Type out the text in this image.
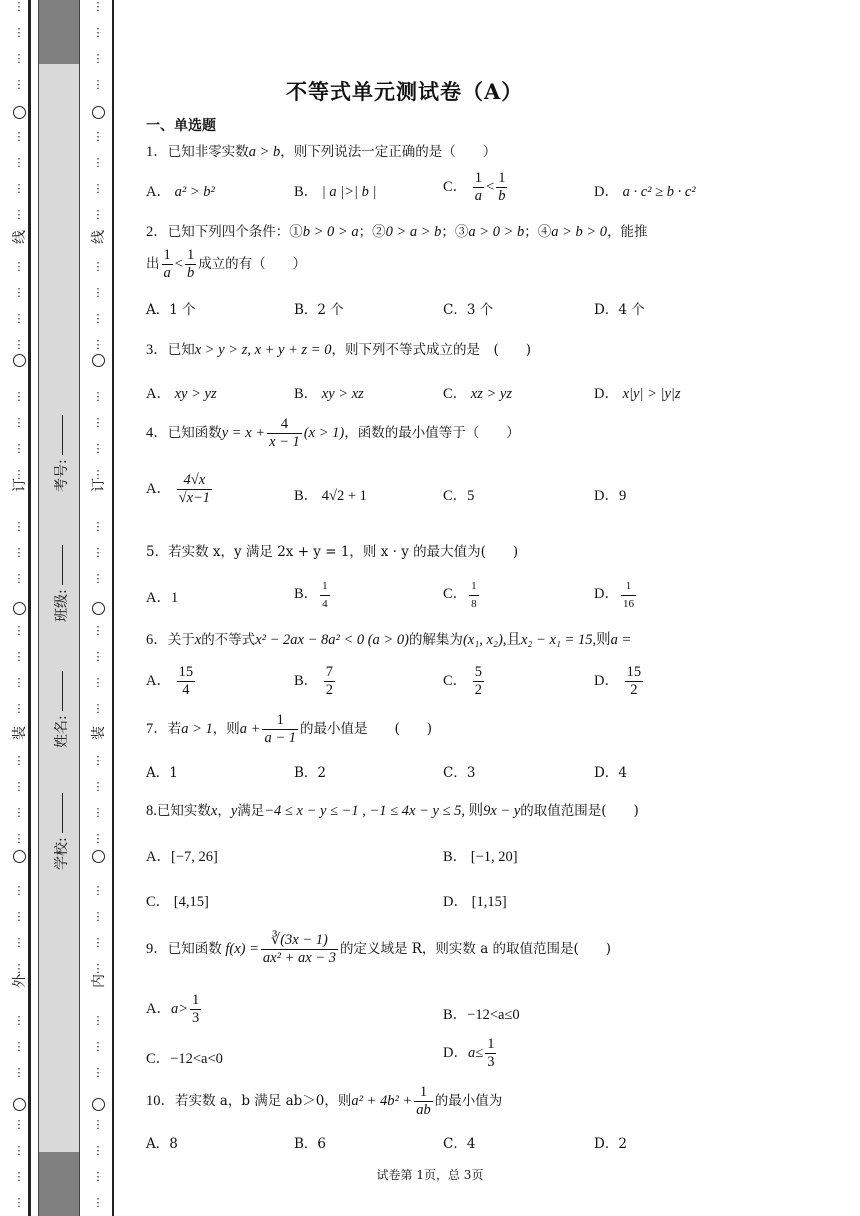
⋮
⋮
⋮
⋮
⋮
⋮
⋮
⋮
⋮
⋮
⋮
⋮
⋮
⋮
⋮
⋮
⋮
⋮
⋮
⋮
⋮
⋮
⋮
⋮
⋮
⋮
⋮
⋮
⋮
⋮
⋮
⋮
⋮
⋮
⋮
⋮
⋮
⋮
线
订
装
外
学校:
姓名:
班级:
考号:
⋮
⋮
⋮
⋮
⋮
⋮
⋮
⋮
⋮
⋮
⋮
⋮
⋮
⋮
⋮
⋮
⋮
⋮
⋮
⋮
⋮
⋮
⋮
⋮
⋮
⋮
⋮
⋮
⋮
⋮
⋮
⋮
⋮
⋮
⋮
⋮
⋮
⋮
线
订
装
内
不等式单元测试卷（A）
一、单选题
1．已知非零实数a > b，则下列说法一定正确的是（　　）
A． a² > b²	B． | a |>| b |	C． $\frac{1}{a} < \frac{1}{b}$	D． a · c² ≥ b · c²
2．已知下列四个条件：①b > 0 > a；②0 > a > b；③a > 0 > b；④a > b > 0，能推
出 $\frac{1}{a} < \frac{1}{b}$ 成立的有（　　）
A．1 个	B．2 个	C．3 个	D．4 个
3．已知x > y > z, x + y + z = 0，则下列不等式成立的是　(　　)
A． xy > yz	B． xy > xz	C． xz > yz	D． x|y| > |y|z
4．已知函数$y = x + \frac{4}{x - 1} (x > 1)$，函数的最小值等于（　　）
A． $\frac{4√x}{√x-1}$	B． 4√2 + 1	C．5	D．9
5．若实数 x，y 满足 2x + y = 1，则 x · y 的最大值为(　　)
A．1	B． $\frac{1}{4}$	C． $\frac{1}{8}$	D． $\frac{1}{16}$
6．关于x的不等式x² − 2ax − 8a² < 0 (a > 0)的解集为(x₁, x₂),且x₂ − x₁ = 15,则a =
A． $\frac{15}{4}$	B． $\frac{7}{2}$	C． $\frac{5}{2}$	D． $\frac{15}{2}$
7．若a > 1，则$a + \frac{1}{a - 1}$ 的最小值是　　(　　)
A．1	B．2	C．3	D．4
8.已知实数x，y满足−4 ≤ x − y ≤ −1 , −1 ≤ 4x − y ≤ 5, 则9x − y的取值范围是(　　)
A．[−7, 26]	B． [−1, 20]
C． [4,15]	D． [1,15]
9．已知函数 $f(x) = \frac{∛(3x - 1)}{\text{ax² + ax − 3}}$ 的定义域是 R，则实数 a 的取值范围是(　　)
A．$a> \frac{1}{3}$	B．−12<a≤0
C．−12<a<0	D．$a\le \frac{1}{3}$
10．若实数 a，b 满足 ab＞0，则$a^2 + 4b^2 + \frac{1}{ab}$ 的最小值为
A．8	B．6	C．4	D．2
试卷第 1页，总 3页
